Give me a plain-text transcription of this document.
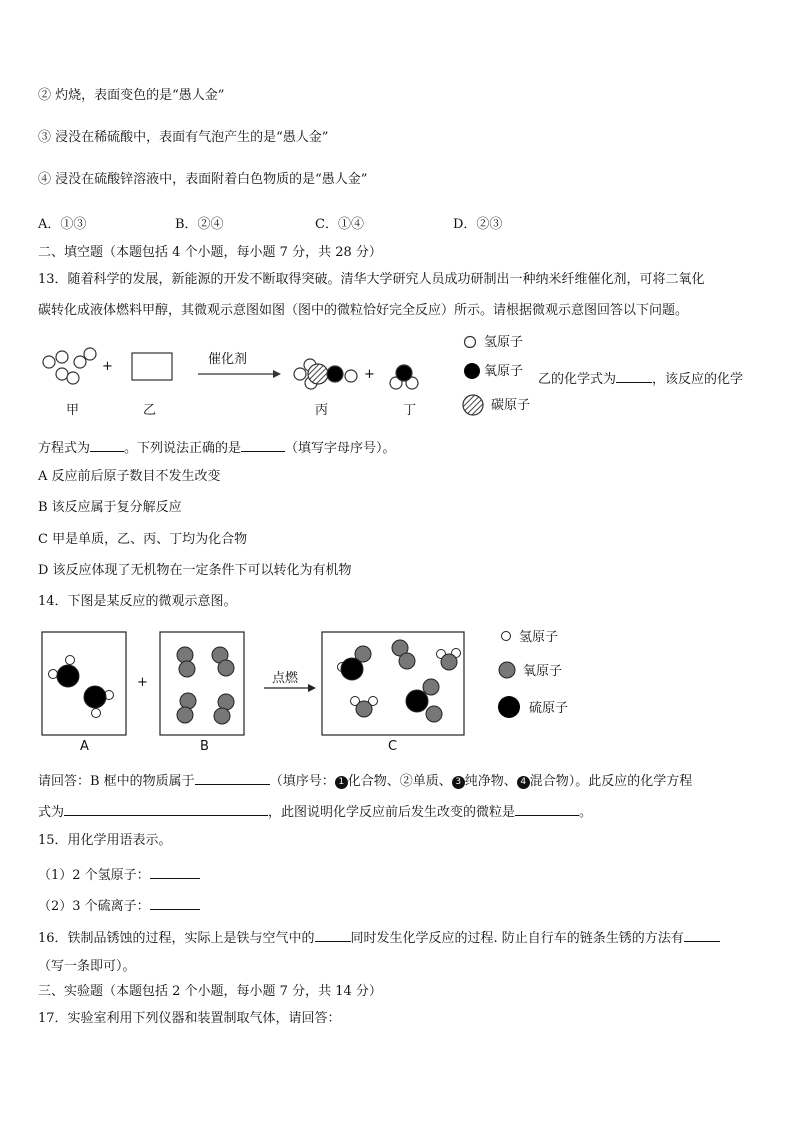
② 灼烧，表面变色的是“愚人金”
③ 浸没在稀硫酸中，表面有气泡产生的是“愚人金”
④ 浸没在硫酸锌溶液中，表面附着白色物质的是“愚人金”
A．①③	B．②④	C．①④	D．②③
二、填空题（本题包括 4 个小题，每小题 7 分，共 28 分）
13．随着科学的发展，新能源的开发不断取得突破。清华大学研究人员成功研制出一种纳米纤维催化剂，可将二氧化
碳转化成液体燃料甲醇，其微观示意图如图（图中的微粒恰好完全反应）所示。请根据微观示意图回答以下问题。
+	催化剂
+
甲	乙	丙	丁
氢原子
氧原子
碳原子
乙的化学式为	，该反应的化学
方程式为	。下列说法正确的是	（填写字母序号）。
A 反应前后原子数目不发生改变
B 该反应属于复分解反应
C 甲是单质，乙、丙、丁均为化合物
D 该反应体现了无机物在一定条件下可以转化为有机物
14．下图是某反应的微观示意图。
+	点燃
A	B	C
氢原子
氧原子
硫原子
请回答：B 框中的物质属于	（填序号： 1 化合物、②单质、 3 纯净物、 4 混合物）。此反应的化学方程
式为	，此图说明化学反应前后发生改变的微粒是	。
15．用化学用语表示。
（1）2 个氢原子：
（2）3 个硫离子：
16．铁制品锈蚀的过程，实际上是铁与空气中的	同时发生化学反应的过程. 防止自行车的链条生锈的方法有
（写一条即可）。
三、实验题（本题包括 2 个小题，每小题 7 分，共 14 分）
17．实验室利用下列仪器和装置制取气体，请回答：
